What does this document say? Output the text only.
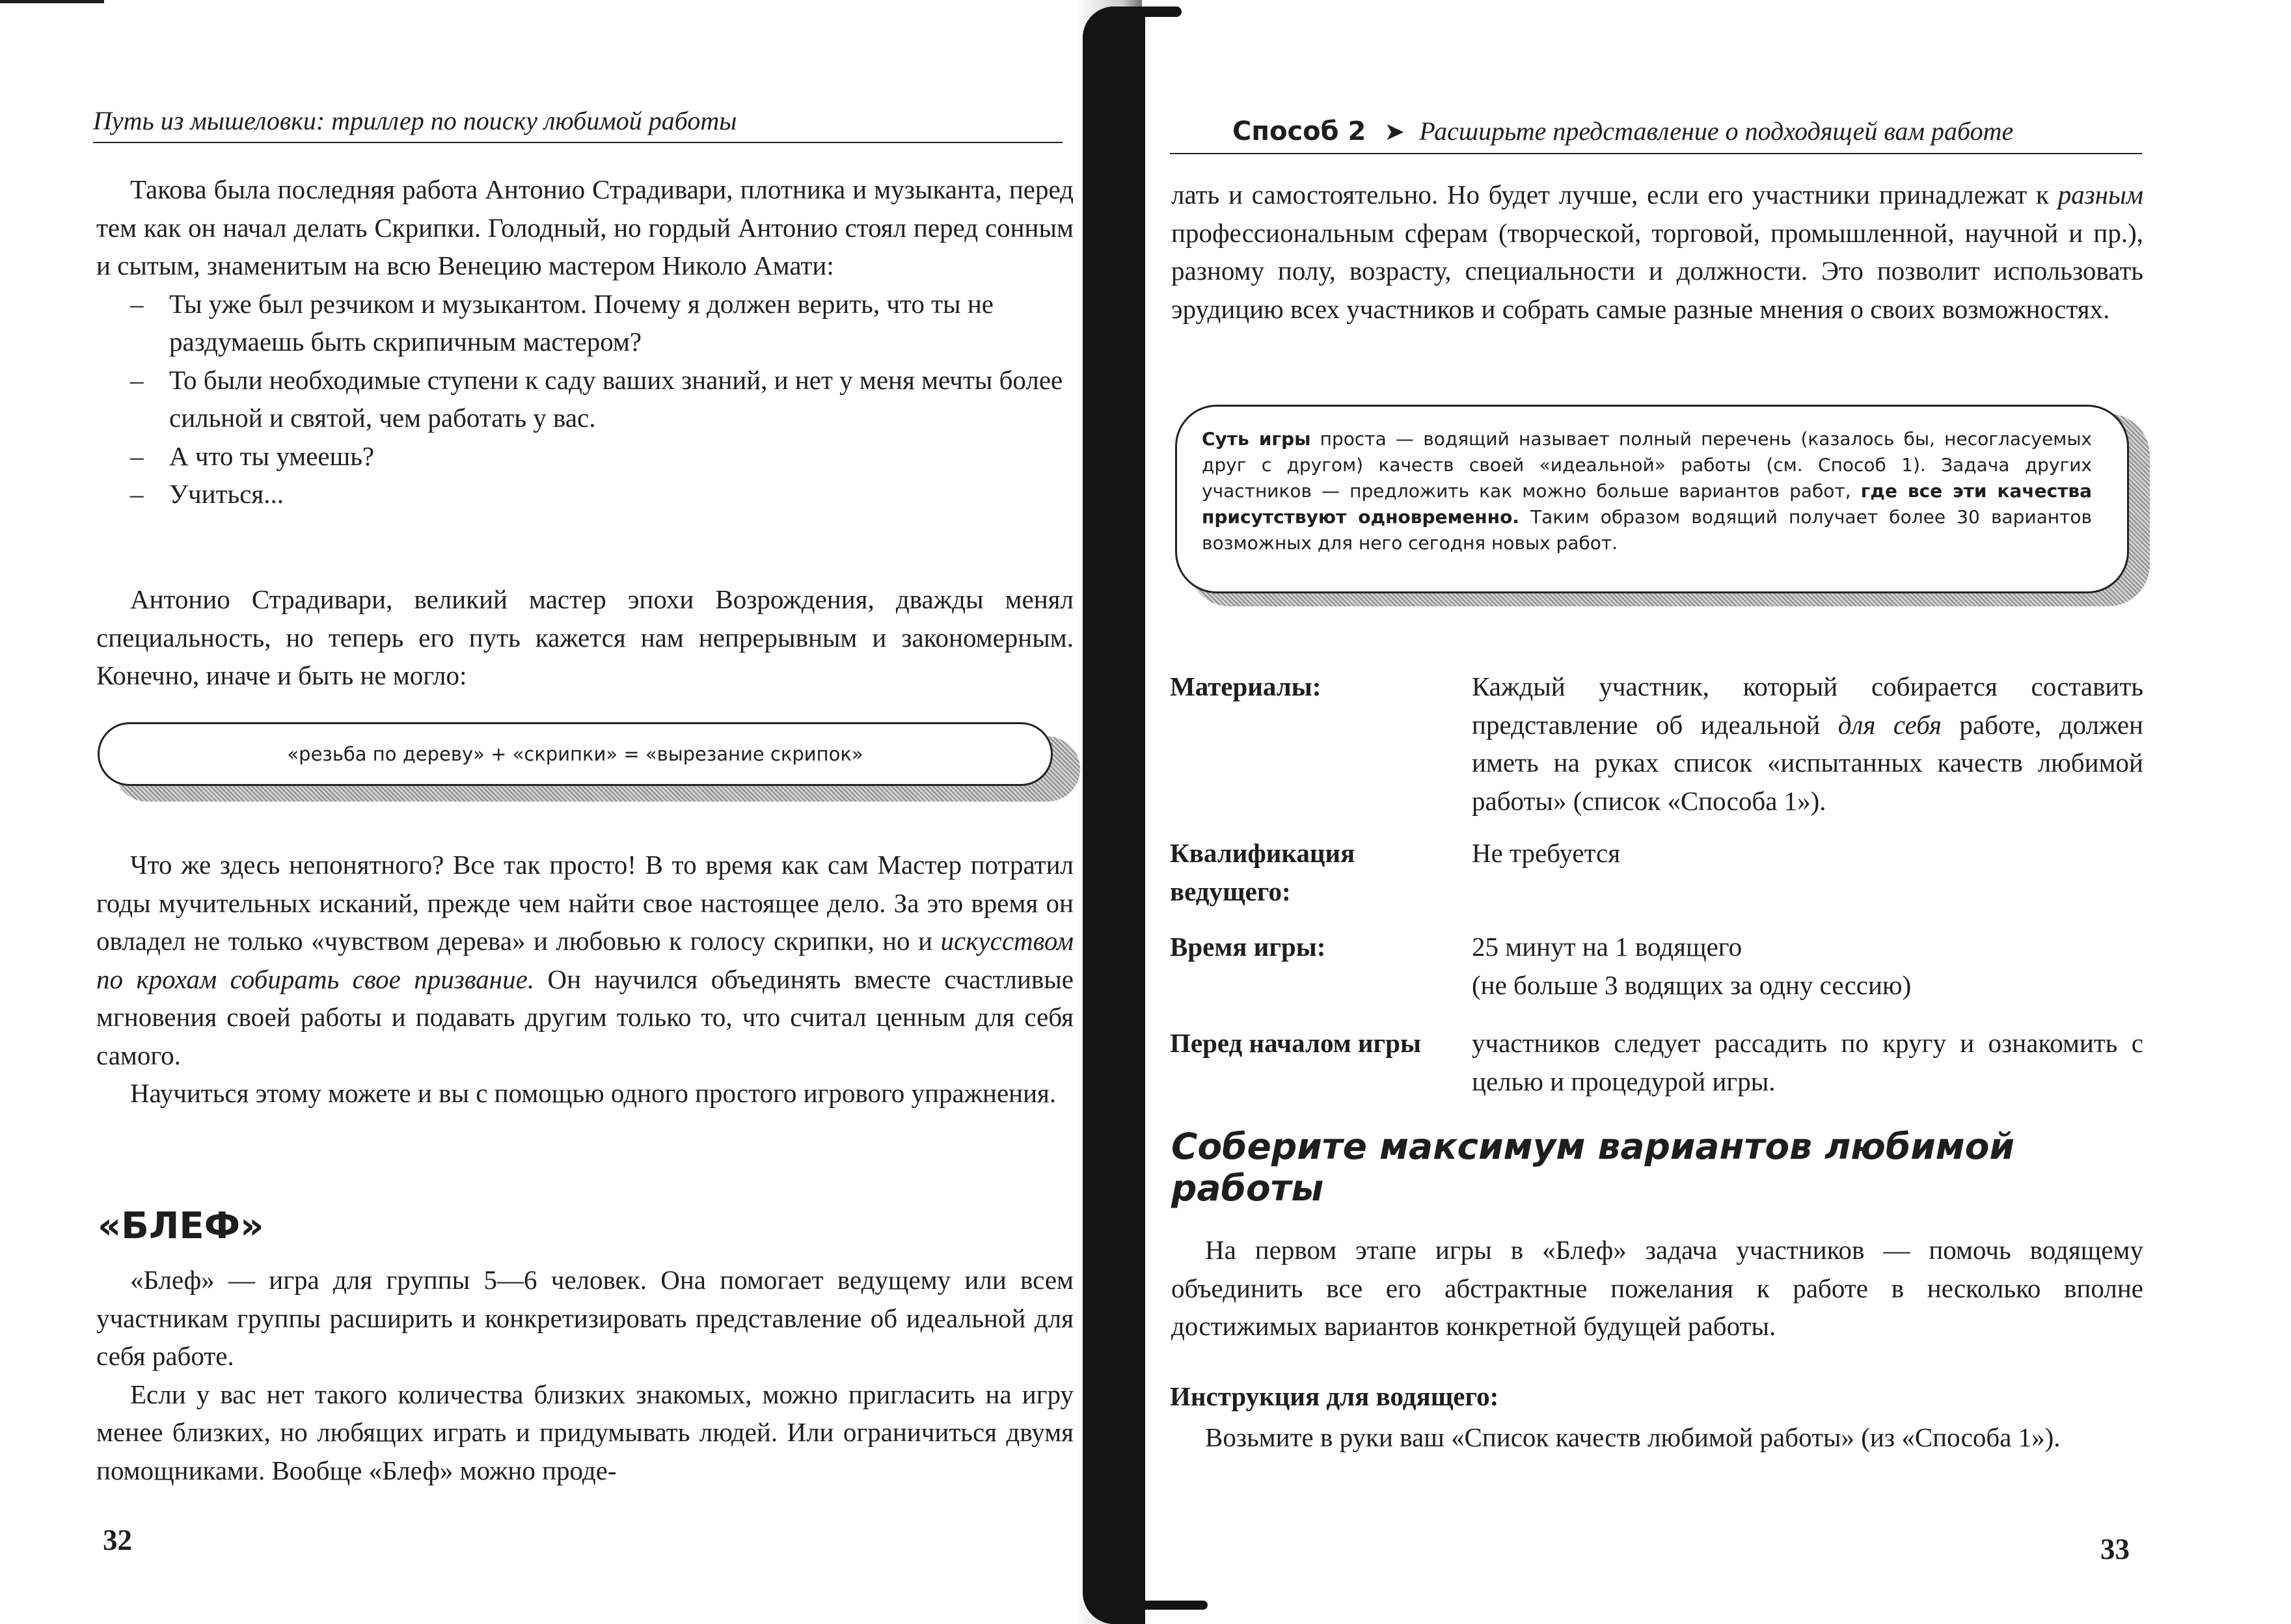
Путь из мышеловки: триллер по поиску любимой работы

Такова была последняя работа Антонио Страдивари, плотника и музыканта, перед тем как он начал делать Скрипки. Голодный, но гордый Антонио стоял перед сонным и сытым, знаменитым на всю Венецию мастером Николо Амати:

– Ты уже был резчиком и музыкантом. Почему я должен верить, что ты не раздумаешь быть скрипичным мастером?

– То были необходимые ступени к саду ваших знаний, и нет у меня мечты более сильной и святой, чем работать у вас.

– А что ты умеешь?

– Учиться...

Антонио Страдивари, великий мастер эпохи Возрождения, дважды менял специальность, но теперь его путь кажется нам непрерывным и закономерным. Конечно, иначе и быть не могло:

«резьба по дереву» + «скрипки» = «вырезание скрипок»

Что же здесь непонятного? Все так просто! В то время как сам Мастер потратил годы мучительных исканий, прежде чем найти свое настоящее дело. За это время он овладел не только «чувством дерева» и любовью к голосу скрипки, но и искусством по крохам собирать свое призвание. Он научился объединять вместе счастливые мгновения своей работы и подавать другим только то, что считал ценным для себя самого.

Научиться этому можете и вы с помощью одного простого игрового упражнения.

«БЛЕФ»

«Блеф» — игра для группы 5—6 человек. Она помогает ведущему или всем участникам группы расширить и конкретизировать представление об идеальной для себя работе.

Если у вас нет такого количества близких знакомых, можно пригласить на игру менее близких, но любящих играть и придумывать людей. Или ограничиться двумя помощниками. Вообще «Блеф» можно проде-

32
Способ 2 ➤ Расширьте представление о подходящей вам работе

лать и самостоятельно. Но будет лучше, если его участники принадлежат к разным профессиональным сферам (творческой, торговой, промышленной, научной и пр.), разному полу, возрасту, специальности и должности. Это позволит использовать эрудицию всех участников и собрать самые разные мнения о своих возможностях.

Суть игры проста — водящий называет полный перечень (казалось бы, несогласуемых друг с другом) качеств своей «идеальной» работы (см. Способ 1). Задача других участников — предложить как можно больше вариантов работ, где все эти качества присутствуют одновременно. Таким образом водящий получает более 30 вариантов возможных для него сегодня новых работ.

Материалы:	Каждый участник, который собирается составить представление об идеальной для себя работе, должен иметь на руках список «испытанных качеств любимой работы» (список «Способа 1»).
Квалификация ведущего:
Не требуется
Время игры:	25 минут на 1 водящего
(не больше 3 водящих за одну сессию)
Перед началом игры	участников следует рассадить по кругу и ознакомить с целью и процедурой игры.
Соберите максимум вариантов любимой работы

На первом этапе игры в «Блеф» задача участников — помочь водящему объединить все его абстрактные пожелания к работе в несколько вполне достижимых вариантов конкретной будущей работы.

Инструкция для водящего:

Возьмите в руки ваш «Список качеств любимой работы» (из «Способа 1»).

33
